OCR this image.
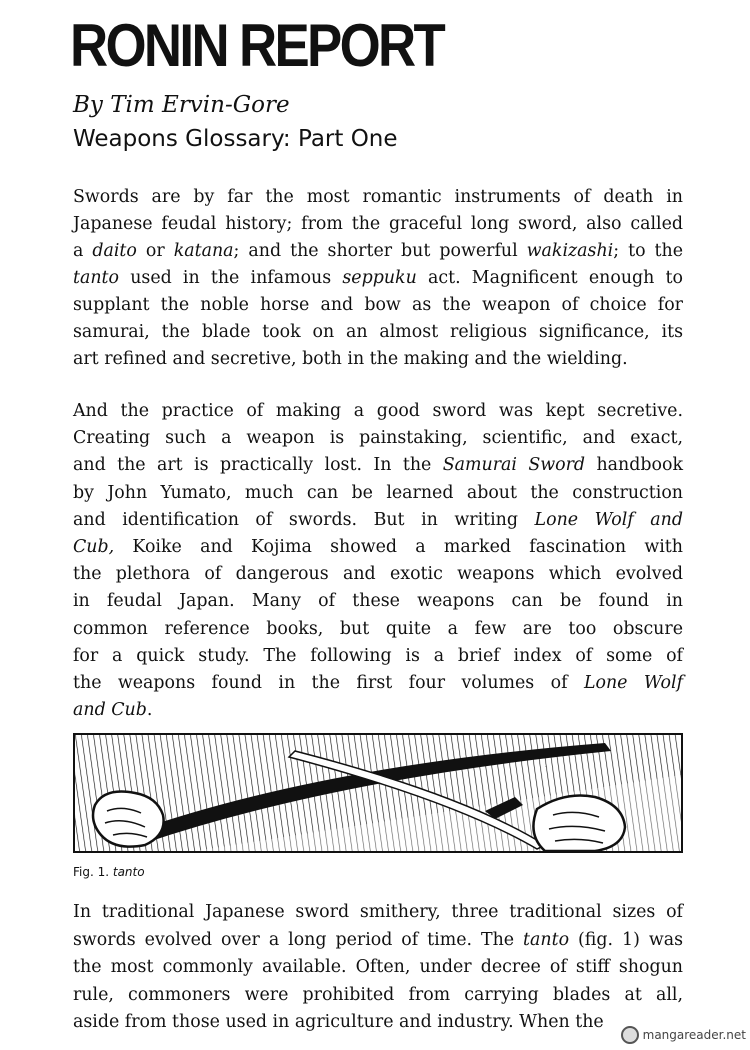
RONIN REPORT
By Tim Ervin-Gore
Weapons Glossary: Part One
Swords are by far the most romantic instruments of death in
Japanese feudal history; from the graceful long sword, also called
a daito or katana; and the shorter but powerful wakizashi; to the
tanto used in the infamous seppuku act. Magnificent enough to
supplant the noble horse and bow as the weapon of choice for
samurai, the blade took on an almost religious significance, its
art refined and secretive, both in the making and the wielding.
And the practice of making a good sword was kept secretive.
Creating such a weapon is painstaking, scientific, and exact,
and the art is practically lost. In the Samurai Sword handbook
by John Yumato, much can be learned about the construction
and identification of swords. But in writing Lone Wolf and
Cub, Koike and Kojima showed a marked fascination with
the plethora of dangerous and exotic weapons which evolved
in feudal Japan. Many of these weapons can be found in
common reference books, but quite a few are too obscure
for a quick study. The following is a brief index of some of
the weapons found in the first four volumes of Lone Wolf
and Cub.
Fig. 1. tanto
In traditional Japanese sword smithery, three traditional sizes of
swords evolved over a long period of time. The tanto (fig. 1) was
the most commonly available. Often, under decree of stiff shogun
rule, commoners were prohibited from carrying blades at all,
aside from those used in agriculture and industry. When the
mangareader.net
